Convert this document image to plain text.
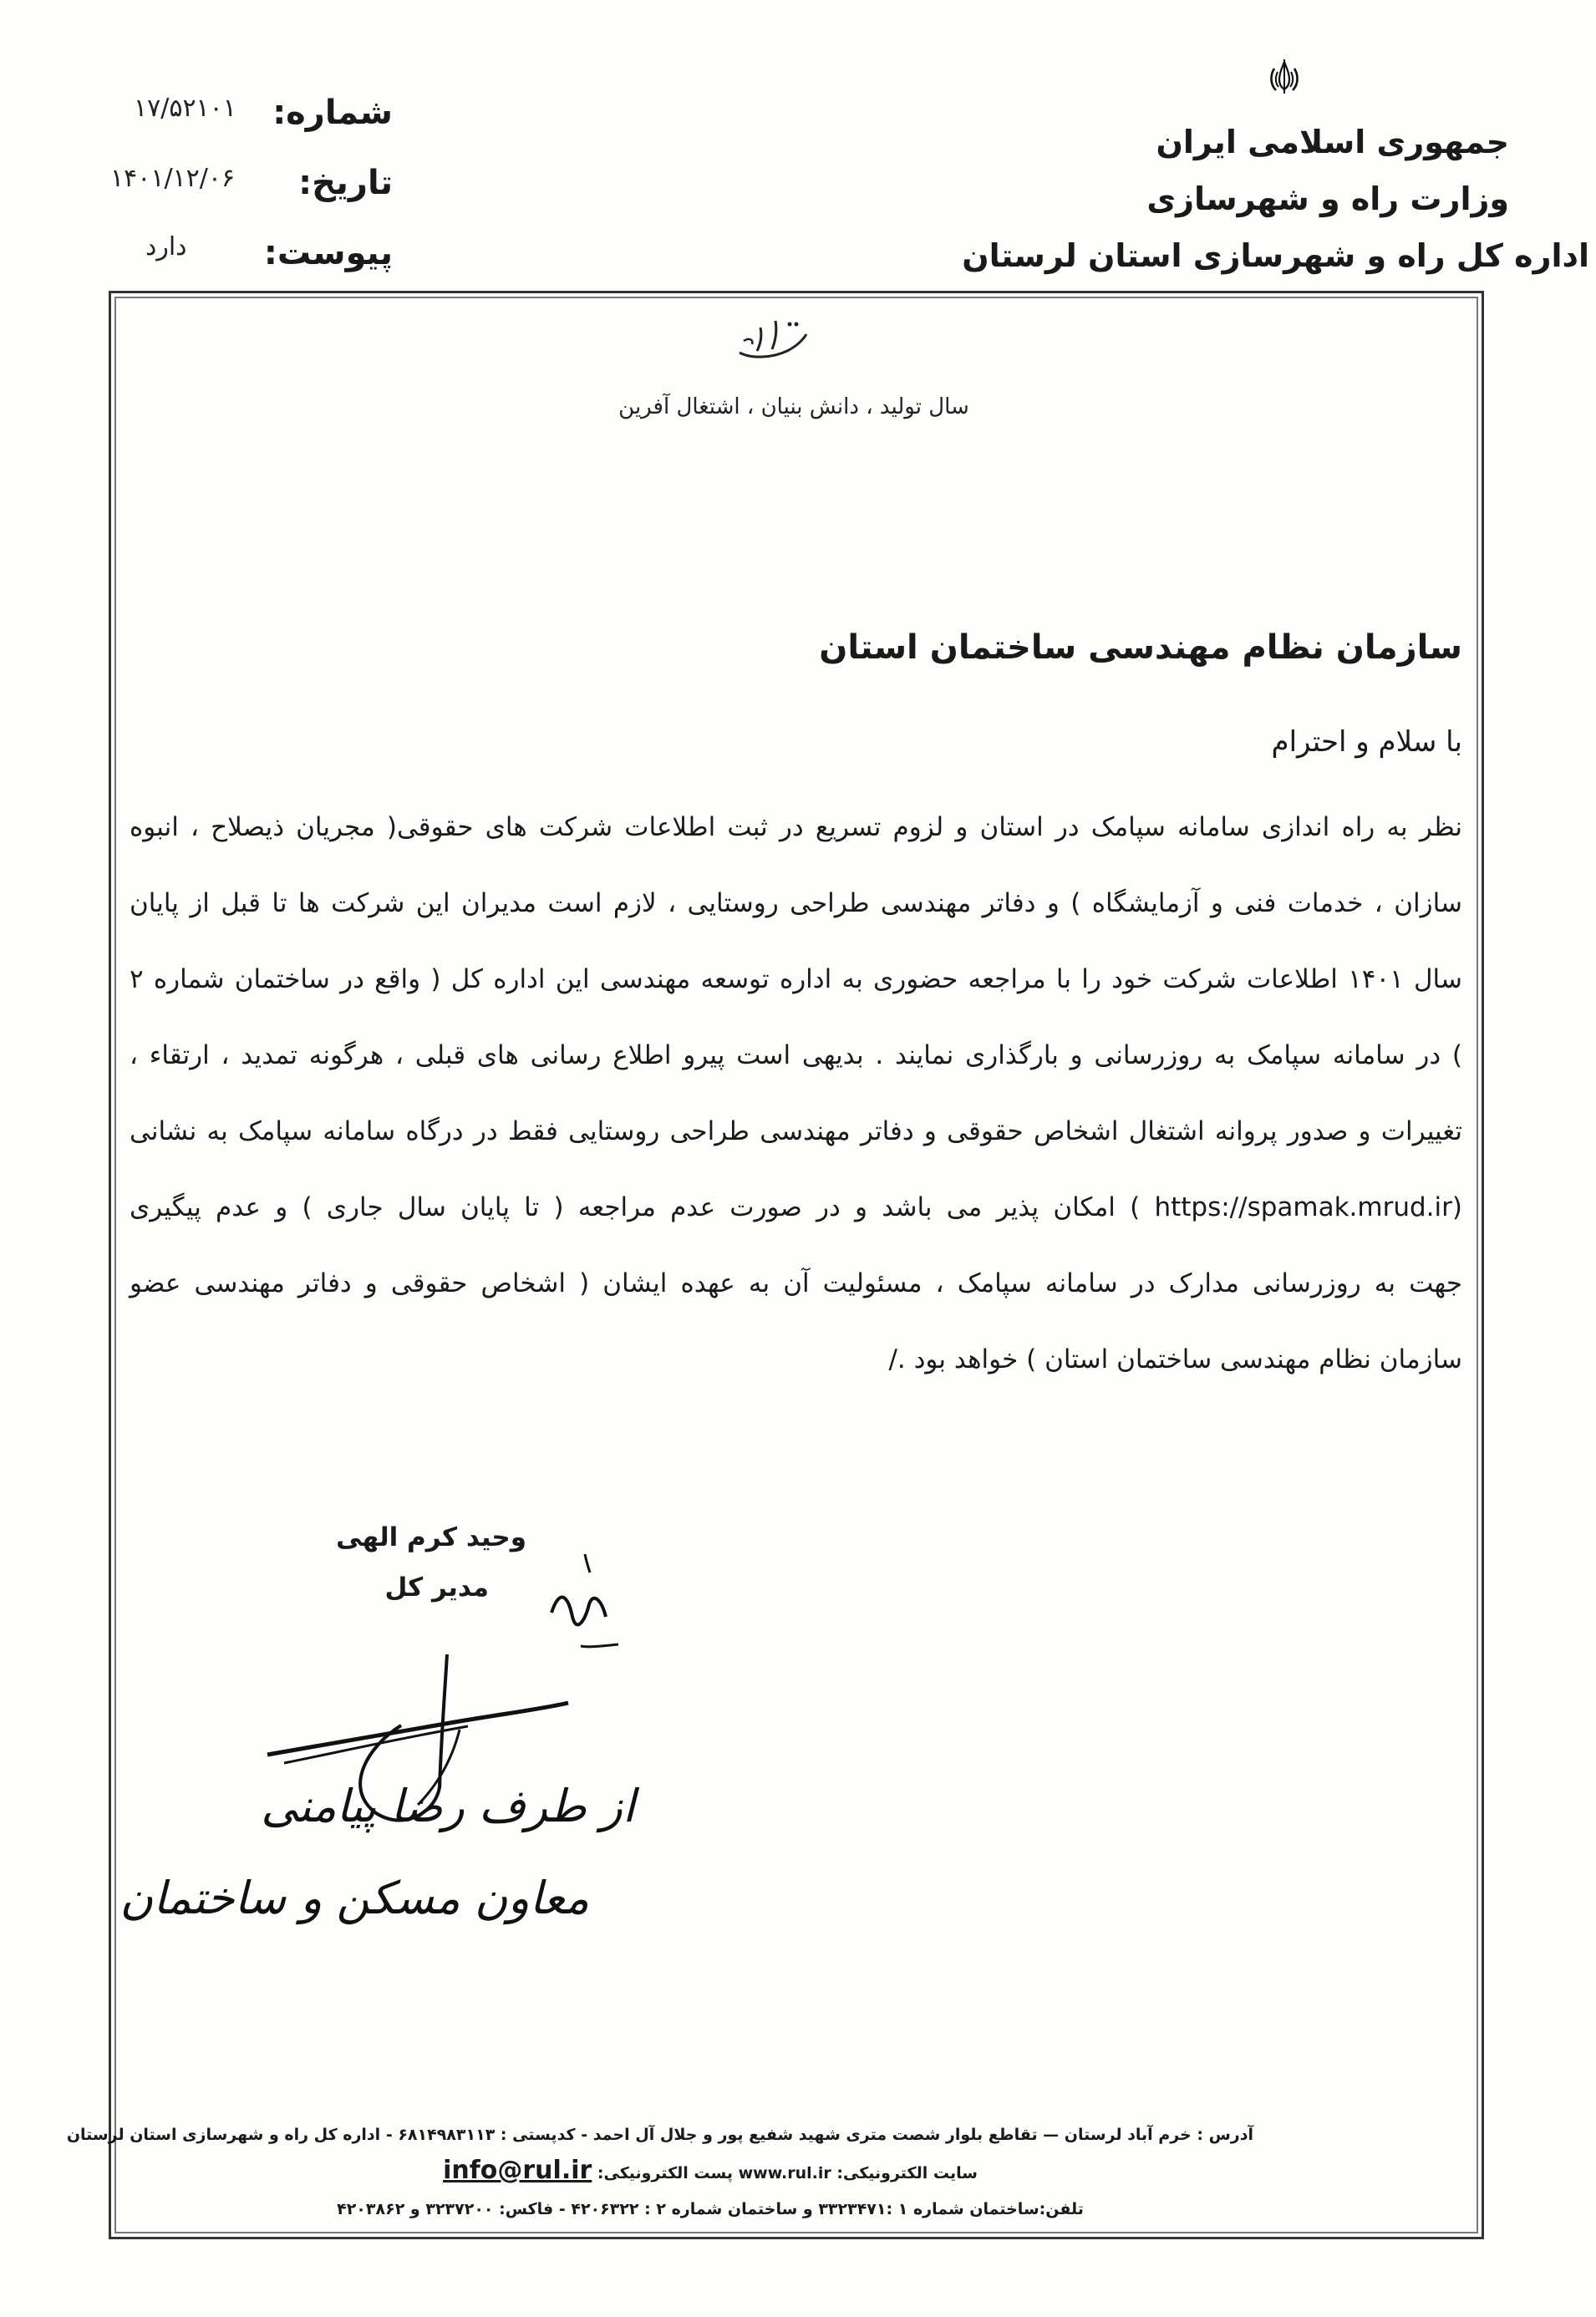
جمهوری اسلامی ایران
وزارت راه و شهرسازی
اداره کل راه و شهرسازی استان لرستان
شماره:
۱۷/۵۲۱۰۱
تاریخ:
۱۴۰۱/۱۲/۰۶
پیوست:
دارد
سال تولید ، دانش بنیان ، اشتغال آفرین
سازمان نظام مهندسی ساختمان استان
با سلام و احترام
نظر به راه اندازی سامانه سپامک در استان و لزوم تسریع در ثبت اطلاعات شرکت های حقوقی( مجریان ذیصلاح ، انبوه
سازان ، خدمات فنی و آزمایشگاه ) و دفاتر مهندسی طراحی روستایی ، لازم است مدیران این شرکت ها تا قبل از پایان
سال ۱۴۰۱ اطلاعات شرکت خود را با مراجعه حضوری به اداره توسعه مهندسی این اداره کل ( واقع در ساختمان شماره ۲
) در سامانه سپامک به روزرسانی و بارگذاری نمایند . بدیهی است پیرو اطلاع رسانی های قبلی ، هرگونه تمدید ، ارتقاء ،
تغییرات و صدور پروانه اشتغال اشخاص حقوقی و دفاتر مهندسی طراحی روستایی فقط در درگاه سامانه سپامک به نشانی
(https://spamak.mrud.ir ) امکان پذیر می باشد و در صورت عدم مراجعه ( تا پایان سال جاری ) و عدم پیگیری
جهت به روزرسانی مدارک در سامانه سپامک ، مسئولیت آن به عهده ایشان ( اشخاص حقوقی و دفاتر مهندسی عضو
سازمان نظام مهندسی ساختمان استان ) خواهد بود ./
وحید کرم الهی
مدیر کل
از طرف رضا پیامنی
معاون مسکن و ساختمان
آدرس : خرم آباد لرستان — تقاطع بلوار شصت متری شهید شفیع پور و جلال آل احمد - کدپستی : ۶۸۱۴۹۸۳۱۱۳ - اداره کل راه و شهرسازی استان لرستان
سایت الکترونیکی: www.rul.ir پست الکترونیکی: info@rul.ir
تلفن:ساختمان شماره ۱ :۳۳۲۳۴۷۱ و ساختمان شماره ۲ : ۴۲۰۶۳۲۲ - فاکس: ۳۲۳۷۲۰۰ و ۴۲۰۳۸۶۲
